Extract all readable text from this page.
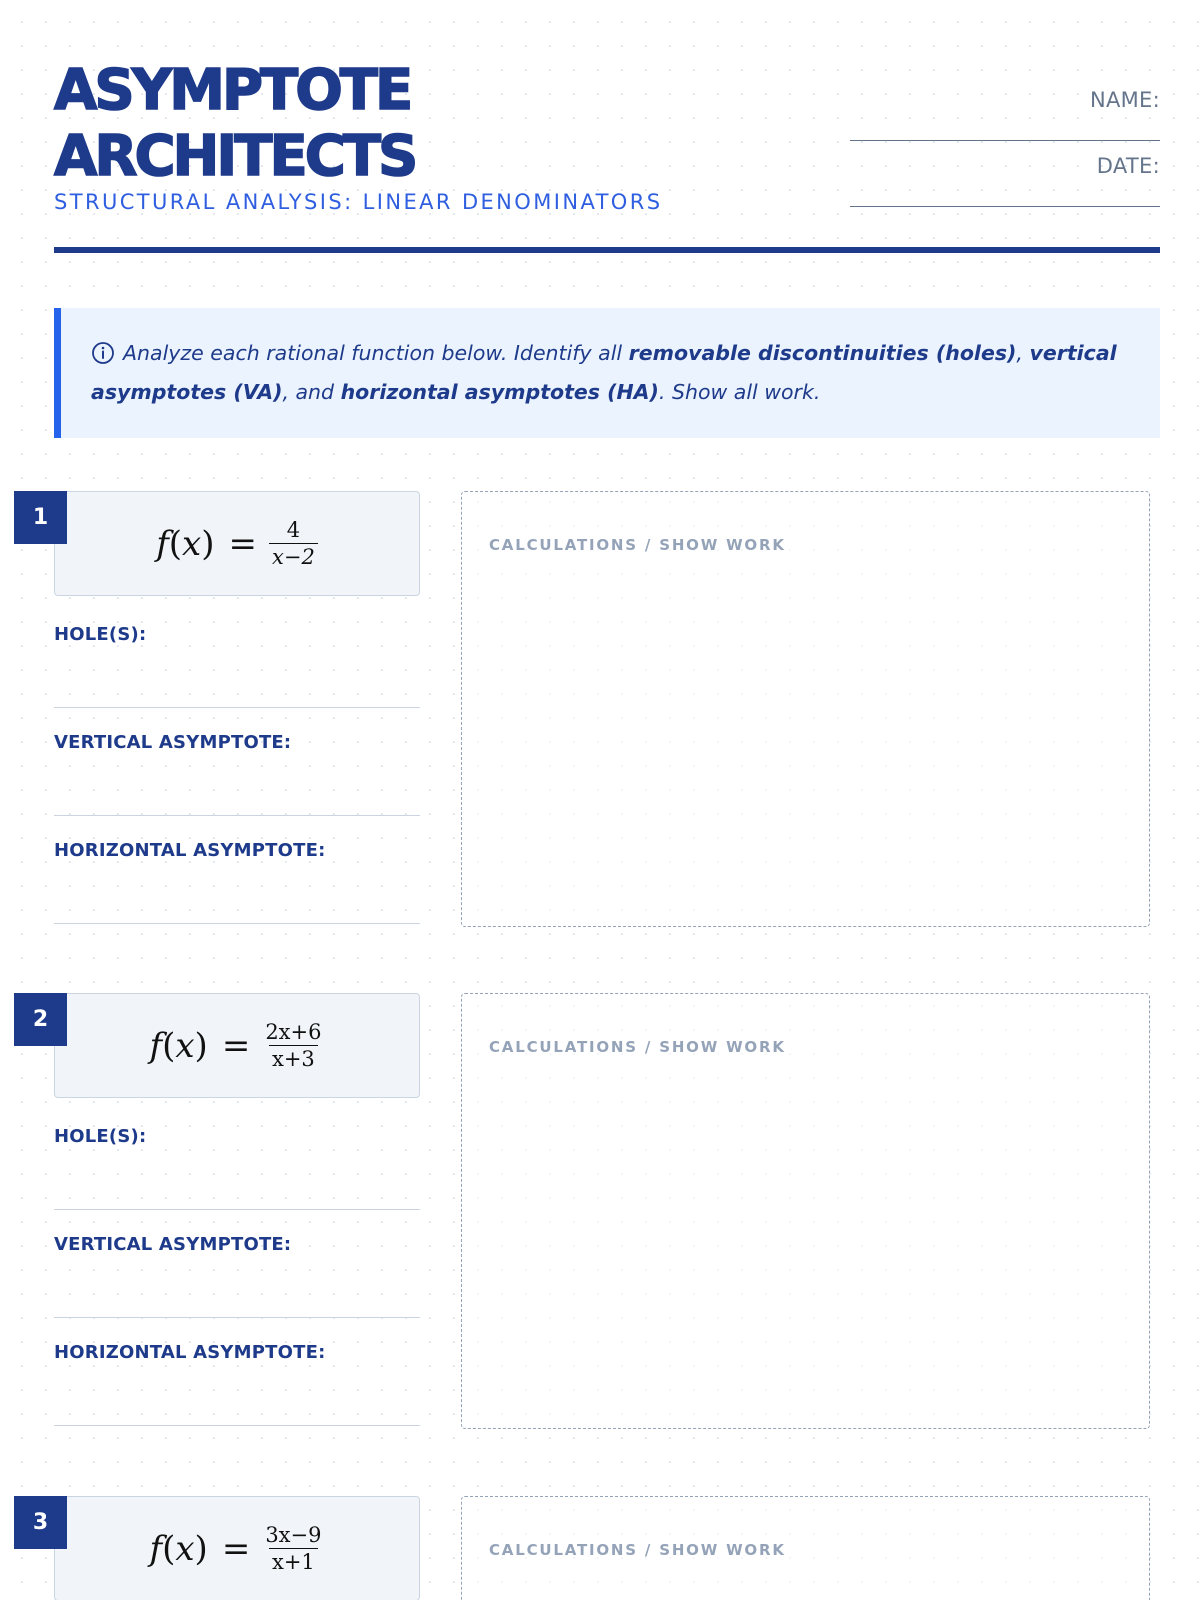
ASYMPTOTE
ARCHITECTS
STRUCTURAL ANALYSIS: LINEAR DENOMINATORS
NAME:
DATE:
Analyze each rational function below. Identify all removable discontinuities (holes), vertical asymptotes (VA), and horizontal asymptotes (HA). Show all work.
1
f ( x ) = $\frac{4}{x-2}$
HOLE(S):
VERTICAL ASYMPTOTE:
HORIZONTAL ASYMPTOTE:
CALCULATIONS / SHOW WORK
2
f ( x ) = $\frac{2x+6}{x+3}$
HOLE(S):
VERTICAL ASYMPTOTE:
HORIZONTAL ASYMPTOTE:
CALCULATIONS / SHOW WORK
3
f ( x ) = $\frac{3x-9}{x+1}$	CALCULATIONS / SHOW WORK
